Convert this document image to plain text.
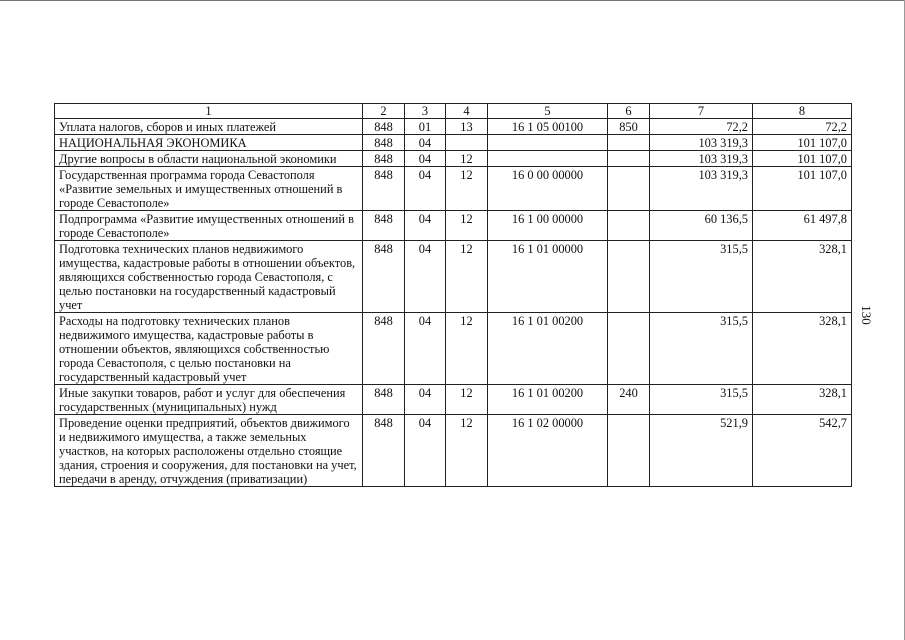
130
1	2	3	4	5	6	7	8
Уплата налогов, сборов и иных платежей	848	01	13	16 1 05 00100	850	72,2	72,2
НАЦИОНАЛЬНАЯ ЭКОНОМИКА	848	04				103 319,3	101 107,0
Другие вопросы в области национальной экономики	848	04	12			103 319,3	101 107,0
Государственная программа города Севастополя «Развитие земельных и имущественных отношений в городе Севастополе»	848	04	12	16 0 00 00000		103 319,3	101 107,0
Подпрограмма «Развитие имущественных отношений в городе Севастополе»	848	04	12	16 1 00 00000		60 136,5	61 497,8
Подготовка технических планов недвижимого имущества, кадастровые работы в отношении объектов, являющихся собственностью города Севастополя, с целью постановки на государственный кадастровый учет	848	04	12	16 1 01 00000		315,5	328,1
Расходы на подготовку технических планов недвижимого имущества, кадастровые работы в отношении объектов, являющихся собственностью города Севастополя, с целью постановки на государственный кадастровый учет	848	04	12	16 1 01 00200		315,5	328,1
Иные закупки товаров, работ и услуг для обеспечения государственных (муниципальных) нужд	848	04	12	16 1 01 00200	240	315,5	328,1
Проведение оценки предприятий, объектов движимого и недвижимого имущества, а также земельных участков, на которых расположены отдельно стоящие здания, строения и сооружения, для постановки на учет, передачи в аренду, отчуждения (приватизации)	848	04	12	16 1 02 00000		521,9	542,7
